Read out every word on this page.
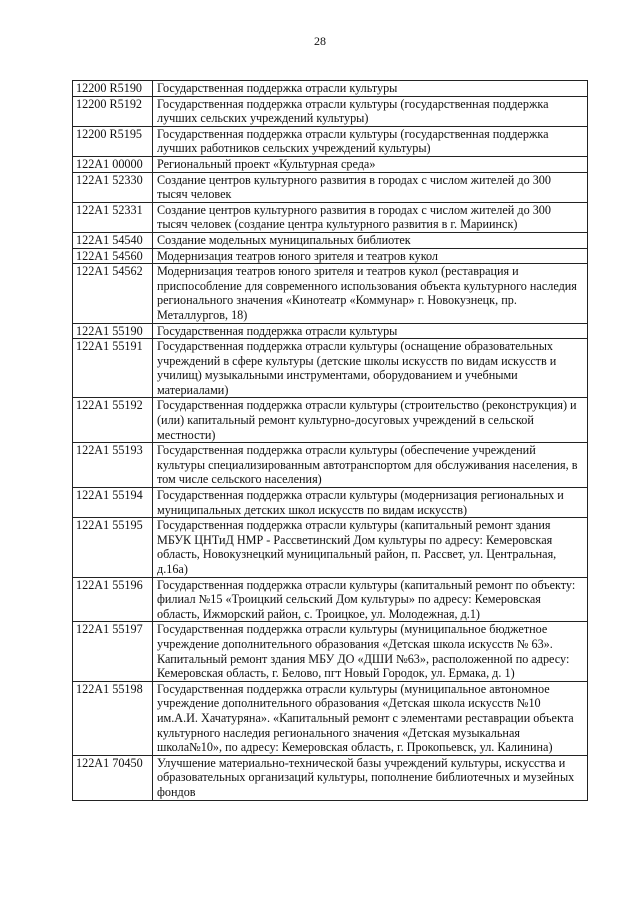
28
12200 R5190	Государственная поддержка отрасли культуры
12200 R5192	Государственная поддержка отрасли культуры (государственная поддержка лучших сельских учреждений культуры)
12200 R5195	Государственная поддержка отрасли культуры (государственная поддержка лучших работников сельских учреждений культуры)
122A1 00000	Региональный проект «Культурная среда»
122A1 52330	Создание центров культурного развития в городах с числом жителей до 300 тысяч человек
122A1 52331	Создание центров культурного развития в городах с числом жителей до 300 тысяч человек (создание центра культурного развития в г. Мариинск)
122A1 54540	Создание модельных муниципальных библиотек
122A1 54560	Модернизация театров юного зрителя и театров кукол
122A1 54562	Модернизация театров юного зрителя и театров кукол (реставрация и приспособление для современного использования объекта культурного наследия регионального значения «Кинотеатр «Коммунар» г. Новокузнецк, пр. Металлургов, 18)
122A1 55190	Государственная поддержка отрасли культуры
122A1 55191	Государственная поддержка отрасли культуры (оснащение образовательных учреждений в сфере культуры (детские школы искусств по видам искусств и училищ) музыкальными инструментами, оборудованием и учебными материалами)
122A1 55192	Государственная поддержка отрасли культуры (строительство (реконструкция) и (или) капитальный ремонт культурно-досуговых учреждений в сельской местности)
122A1 55193	Государственная поддержка отрасли культуры (обеспечение учреждений культуры специализированным автотранспортом для обслуживания населения, в том числе сельского населения)
122A1 55194	Государственная поддержка отрасли культуры (модернизация региональных и муниципальных детских школ искусств по видам искусств)
122A1 55195	Государственная поддержка отрасли культуры (капитальный ремонт здания МБУК ЦНТиД НМР - Рассветинский Дом культуры по адресу: Кемеровская область, Новокузнецкий муниципальный район, п. Рассвет, ул. Центральная, д.16а)
122A1 55196	Государственная поддержка отрасли культуры (капитальный ремонт по объекту: филиал №15 «Троицкий сельский Дом культуры» по адресу: Кемеровская область, Ижморский район, с. Троицкое, ул. Молодежная, д.1)
122A1 55197	Государственная поддержка отрасли культуры (муниципальное бюджетное учреждение дополнительного образования «Детская школа искусств № 63». Капитальный ремонт здания МБУ ДО «ДШИ №63», расположенной по адресу: Кемеровская область, г. Белово, пгт Новый Городок, ул. Ермака, д. 1)
122A1 55198	Государственная поддержка отрасли культуры (муниципальное автономное учреждение дополнительного образования «Детская школа искусств №10 им.А.И. Хачатуряна». «Капитальный ремонт с элементами реставрации объекта культурного наследия регионального значения «Детская музыкальная школа№10», по адресу: Кемеровская область, г. Прокопьевск, ул. Калинина)
122A1 70450	Улучшение материально-технической базы учреждений культуры, искусства и образовательных организаций культуры, пополнение библиотечных и музейных фондов
